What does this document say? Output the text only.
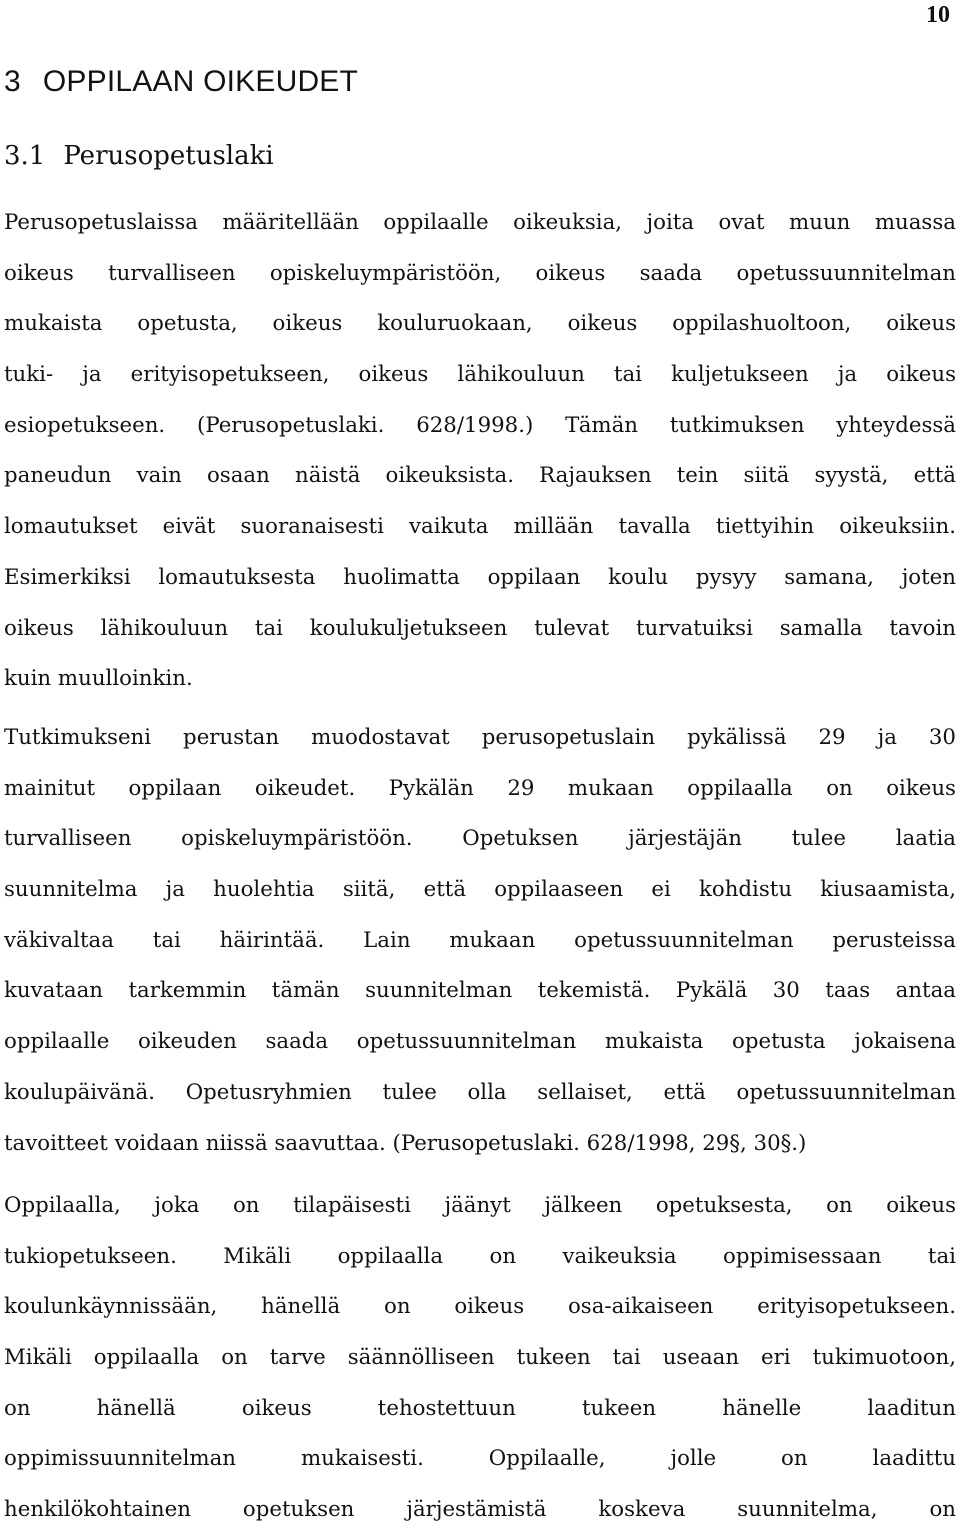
10
3 OPPILAAN OIKEUDET
3.1 Perusopetuslaki
Perusopetuslaissa määritellään oppilaalle oikeuksia, joita ovat muun muassa
oikeus turvalliseen opiskeluympäristöön, oikeus saada opetussuunnitelman
mukaista opetusta, oikeus kouluruokaan, oikeus oppilashuoltoon, oikeus
tuki- ja erityisopetukseen, oikeus lähikouluun tai kuljetukseen ja oikeus
esiopetukseen. (Perusopetuslaki. 628/1998.) Tämän tutkimuksen yhteydessä
paneudun vain osaan näistä oikeuksista. Rajauksen tein siitä syystä, että
lomautukset eivät suoranaisesti vaikuta millään tavalla tiettyihin oikeuksiin.
Esimerkiksi lomautuksesta huolimatta oppilaan koulu pysyy samana, joten
oikeus lähikouluun tai koulukuljetukseen tulevat turvatuiksi samalla tavoin
kuin muulloinkin.
Tutkimukseni perustan muodostavat perusopetuslain pykälissä 29 ja 30
mainitut oppilaan oikeudet. Pykälän 29 mukaan oppilaalla on oikeus
turvalliseen opiskeluympäristöön. Opetuksen järjestäjän tulee laatia
suunnitelma ja huolehtia siitä, että oppilaaseen ei kohdistu kiusaamista,
väkivaltaa tai häirintää. Lain mukaan opetussuunnitelman perusteissa
kuvataan tarkemmin tämän suunnitelman tekemistä. Pykälä 30 taas antaa
oppilaalle oikeuden saada opetussuunnitelman mukaista opetusta jokaisena
koulupäivänä. Opetusryhmien tulee olla sellaiset, että opetussuunnitelman
tavoitteet voidaan niissä saavuttaa. (Perusopetuslaki. 628/1998, 29§, 30§.)
Oppilaalla, joka on tilapäisesti jäänyt jälkeen opetuksesta, on oikeus
tukiopetukseen. Mikäli oppilaalla on vaikeuksia oppimisessaan tai
koulunkäynnissään, hänellä on oikeus osa-aikaiseen erityisopetukseen.
Mikäli oppilaalla on tarve säännölliseen tukeen tai useaan eri tukimuotoon,
on hänellä oikeus tehostettuun tukeen hänelle laaditun
oppimissuunnitelman mukaisesti. Oppilaalle, jolle on laadittu
henkilökohtainen opetuksen järjestämistä koskeva suunnitelma, on
